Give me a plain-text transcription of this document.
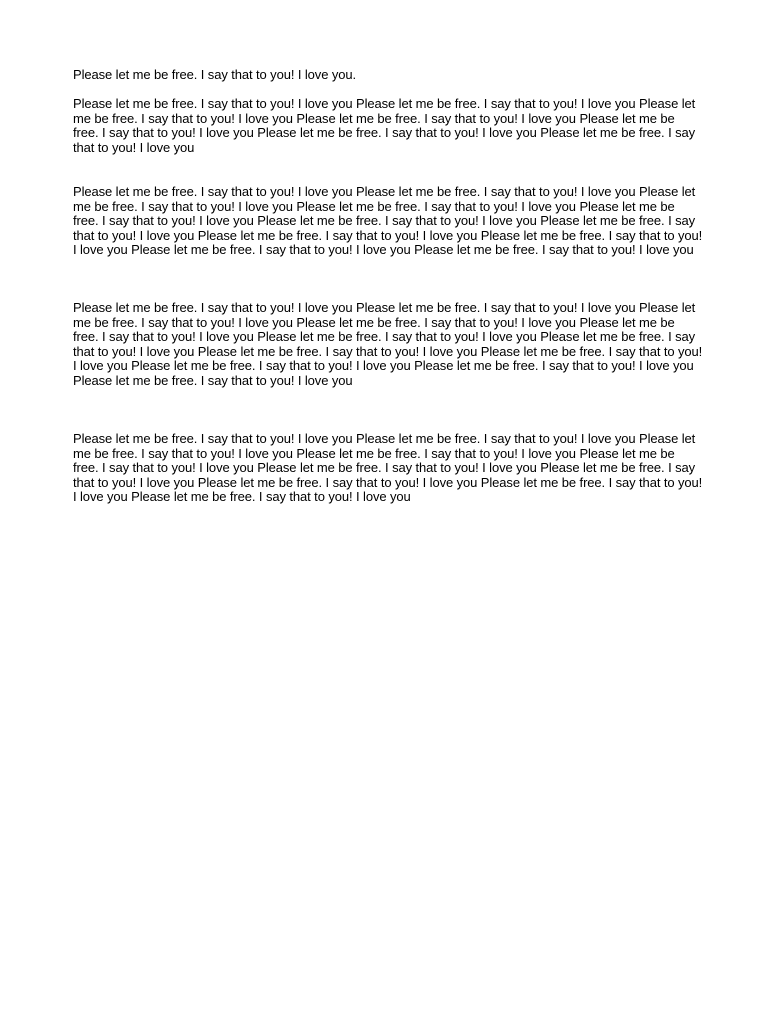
Please let me be free. I say that to you! I love you.

Please let me be free. I say that to you! I love you Please let me be free. I say that to you! I love you Please let me be free. I say that to you! I love you Please let me be free. I say that to you! I love you Please let me be free. I say that to you! I love you Please let me be free. I say that to you! I love you Please let me be free. I say that to you! I love you

Please let me be free. I say that to you! I love you Please let me be free. I say that to you! I love you Please let me be free. I say that to you! I love you Please let me be free. I say that to you! I love you Please let me be free. I say that to you! I love you Please let me be free. I say that to you! I love you Please let me be free. I say that to you! I love you Please let me be free. I say that to you! I love you Please let me be free. I say that to you! I love you Please let me be free. I say that to you! I love you Please let me be free. I say that to you! I love you

Please let me be free. I say that to you! I love you Please let me be free. I say that to you! I love you Please let me be free. I say that to you! I love you Please let me be free. I say that to you! I love you Please let me be free. I say that to you! I love you Please let me be free. I say that to you! I love you Please let me be free. I say that to you! I love you Please let me be free. I say that to you! I love you Please let me be free. I say that to you! I love you Please let me be free. I say that to you! I love you Please let me be free. I say that to you! I love you Please let me be free. I say that to you! I love you

Please let me be free. I say that to you! I love you Please let me be free. I say that to you! I love you Please let me be free. I say that to you! I love you Please let me be free. I say that to you! I love you Please let me be free. I say that to you! I love you Please let me be free. I say that to you! I love you Please let me be free. I say that to you! I love you Please let me be free. I say that to you! I love you Please let me be free. I say that to you! I love you Please let me be free. I say that to you! I love you
